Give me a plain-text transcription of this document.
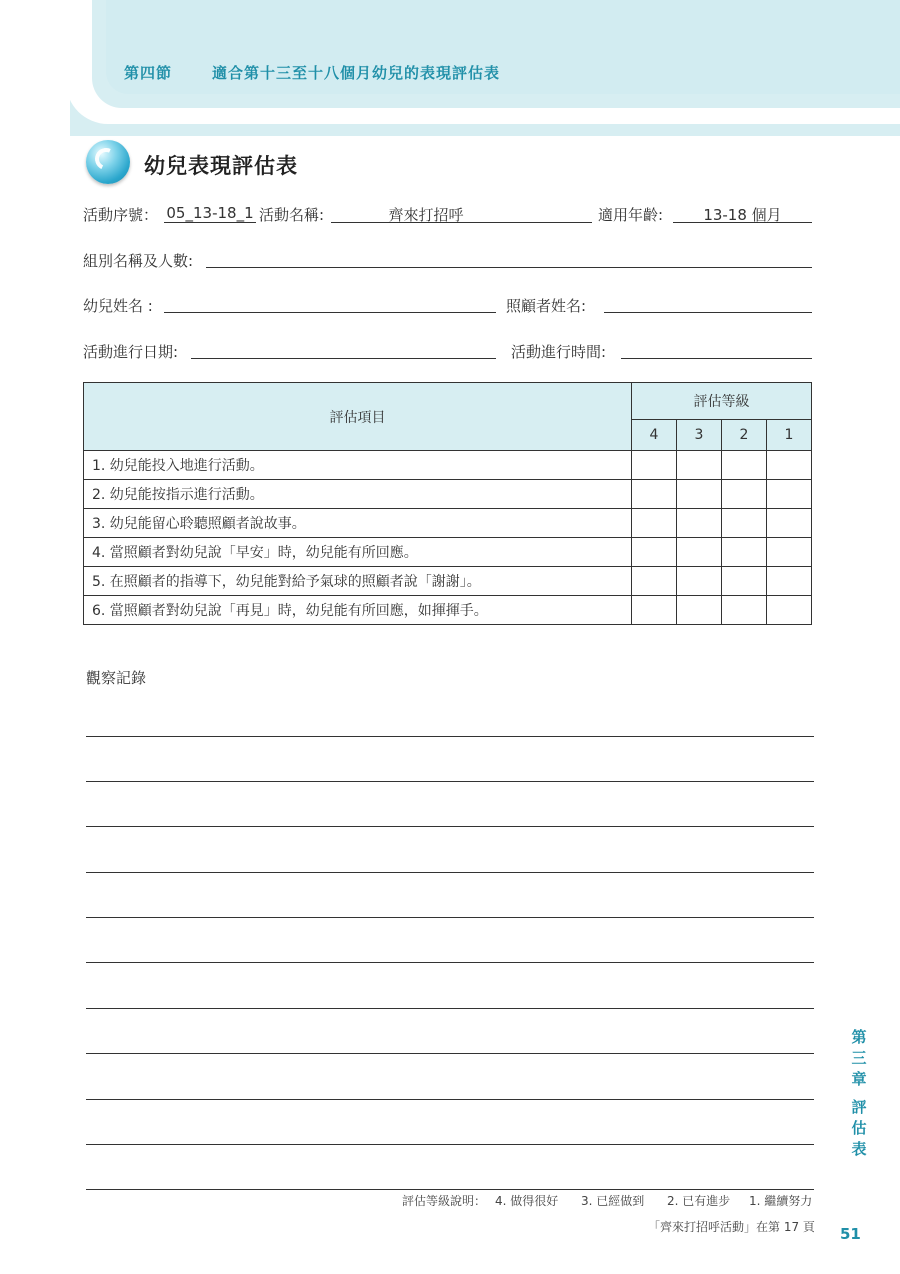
第四節	適合第十三至十八個月幼兒的表現評估表
幼兒表現評估表
活動序號： 05_13-18_1 活動名稱:	齊來打招呼	適用年齡:	13-18 個月
組別名稱及人數:
幼兒姓名 :	照顧者姓名:
活動進行日期:	活動進行時間:
評估項目	評估等級			
	4	3	2	1
1. 幼兒能投入地進行活動。				
2. 幼兒能按指示進行活動。				
3. 幼兒能留心聆聽照顧者說故事。				
4. 當照顧者對幼兒說「早安」時，幼兒能有所回應。				
5. 在照顧者的指導下，幼兒能對給予氣球的照顧者說「謝謝」。				
6. 當照顧者對幼兒說「再見」時，幼兒能有所回應，如揮揮手。				
觀察記錄
評估等級說明： 4. 做得很好 3. 已經做到 2. 已有進步 1. 繼續努力
「齊來打招呼活動」在第 17 頁 51
第
三
章
評
估
表
